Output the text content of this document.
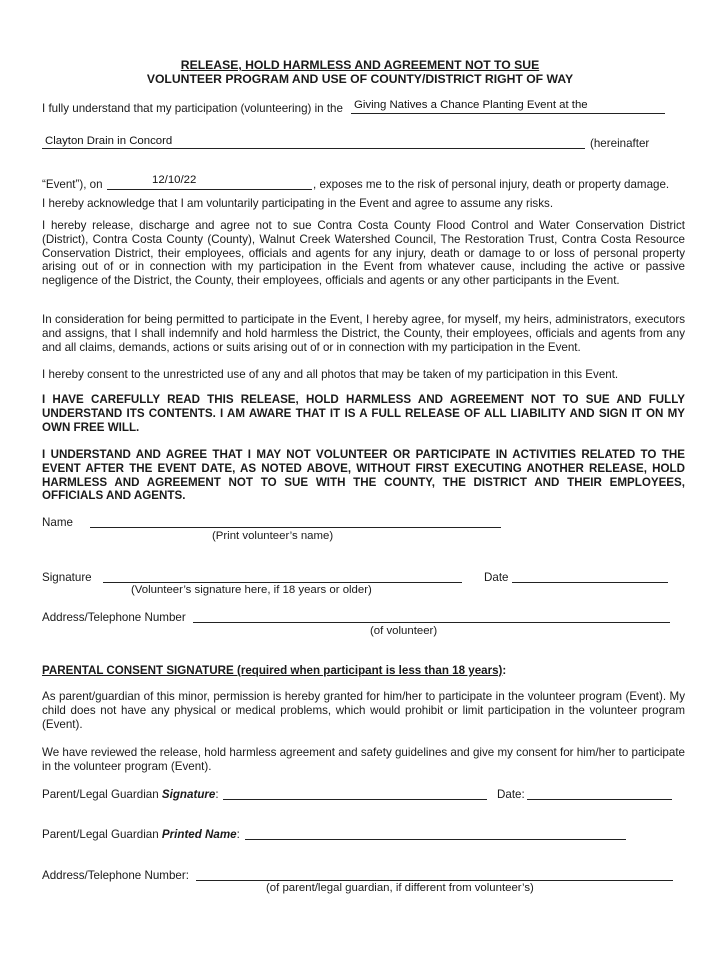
RELEASE, HOLD HARMLESS AND AGREEMENT NOT TO SUE
VOLUNTEER PROGRAM AND USE OF COUNTY/DISTRICT RIGHT OF WAY
I fully understand that my participation (volunteering) in the Giving Natives a Chance Planting Event at the
Clayton Drain in Concord	(hereinafter
“Event”), on	12/10/22	, exposes me to the risk of personal injury, death or property damage.
I hereby acknowledge that I am voluntarily participating in the Event and agree to assume any risks.
I hereby release, discharge and agree not to sue Contra Costa County Flood Control and Water Conservation District (District), Contra Costa County (County), Walnut Creek Watershed Council, The Restoration Trust, Contra Costa Resource Conservation District, their employees, officials and agents for any injury, death or damage to or loss of personal property arising out of or in connection with my participation in the Event from whatever cause, including the active or passive negligence of the District, the County, their employees, officials and agents or any other participants in the Event.
In consideration for being permitted to participate in the Event, I hereby agree, for myself, my heirs, administrators, executors and assigns, that I shall indemnify and hold harmless the District, the County, their employees, officials and agents from any and all claims, demands, actions or suits arising out of or in connection with my participation in the Event.
I hereby consent to the unrestricted use of any and all photos that may be taken of my participation in this Event.
I HAVE CAREFULLY READ THIS RELEASE, HOLD HARMLESS AND AGREEMENT NOT TO SUE AND FULLY UNDERSTAND ITS CONTENTS. I AM AWARE THAT IT IS A FULL RELEASE OF ALL LIABILITY AND SIGN IT ON MY OWN FREE WILL.
I UNDERSTAND AND AGREE THAT I MAY NOT VOLUNTEER OR PARTICIPATE IN ACTIVITIES RELATED TO THE EVENT AFTER THE EVENT DATE, AS NOTED ABOVE, WITHOUT FIRST EXECUTING ANOTHER RELEASE, HOLD HARMLESS AND AGREEMENT NOT TO SUE WITH THE COUNTY, THE DISTRICT AND THEIR EMPLOYEES, OFFICIALS AND AGENTS.
Name
(Print volunteer’s name)
Signature
(Volunteer’s signature here, if 18 years or older)
Date
Address/Telephone Number
(of volunteer)
PARENTAL CONSENT SIGNATURE (required when participant is less than 18 years):
As parent/guardian of this minor, permission is hereby granted for him/her to participate in the volunteer program (Event). My child does not have any physical or medical problems, which would prohibit or limit participation in the volunteer program (Event).
We have reviewed the release, hold harmless agreement and safety guidelines and give my consent for him/her to participate in the volunteer program (Event).
Parent/Legal Guardian Signature:	Date:
Parent/Legal Guardian Printed Name:
Address/Telephone Number:
(of parent/legal guardian, if different from volunteer’s)
